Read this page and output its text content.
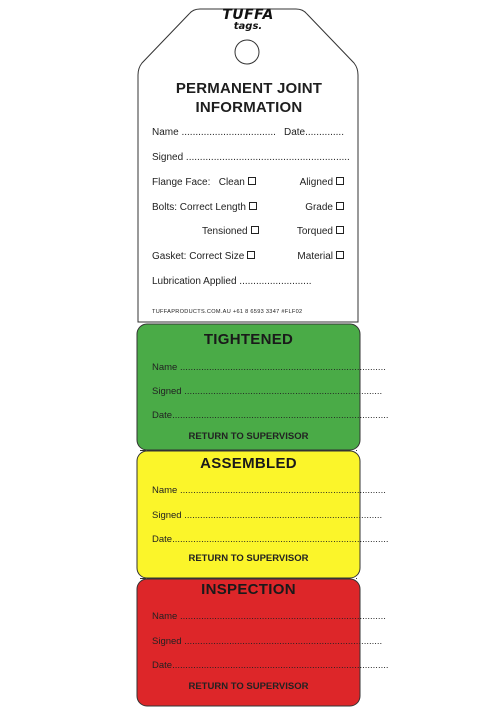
TUFFA
tags.
PERMANENT JOINT
INFORMATION
Name .................................. Date..............
Signed ...........................................................
Flange Face: Clean	Aligned
Bolts: Correct Length	Grade
Tensioned	Torqued
Gasket: Correct Size	Material
Lubrication Applied ..........................
TUFFAPRODUCTS.COM.AU +61 8 6593 3347 #FLF02
TIGHTENED
Name ..............................................................................
Signed ...........................................................................
Date..................................................................................
RETURN TO SUPERVISOR
ASSEMBLED
Name ..............................................................................
Signed ...........................................................................
Date..................................................................................
RETURN TO SUPERVISOR
INSPECTION
Name ..............................................................................
Signed ...........................................................................
Date..................................................................................
RETURN TO SUPERVISOR
